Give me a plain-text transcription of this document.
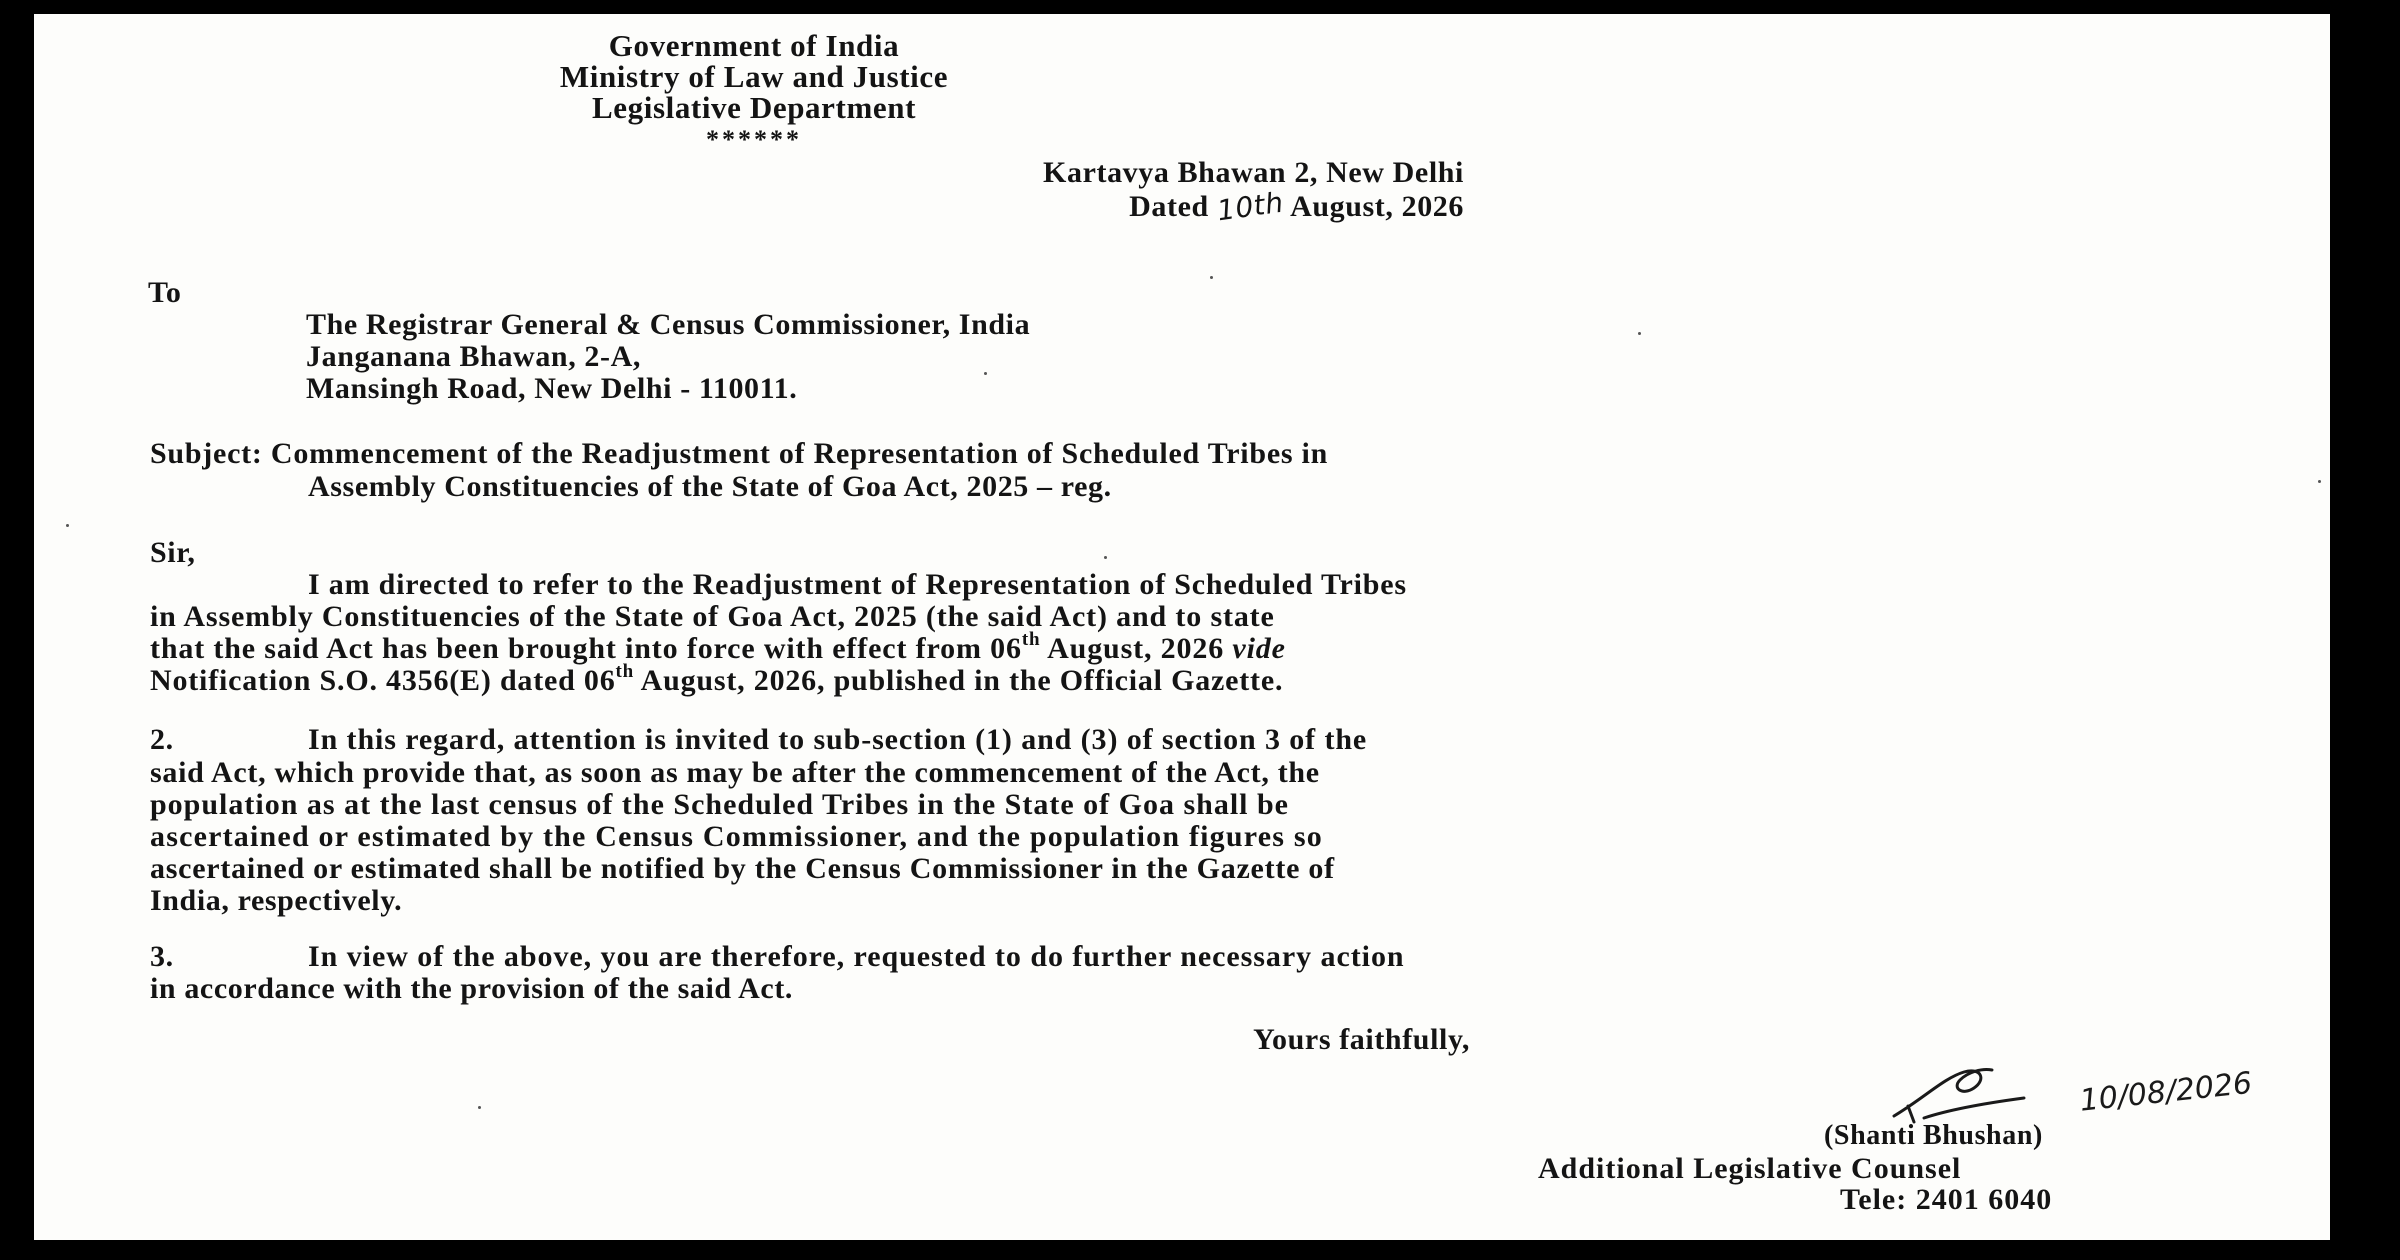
Government of India
Ministry of Law and Justice
Legislative Department
******
Kartavya Bhawan 2, New Delhi
Dated 10th August, 2026
To
The Registrar General & Census Commissioner, India
Janganana Bhawan, 2-A,
Mansingh Road, New Delhi - 110011.
Subject: Commencement of the Readjustment of Representation of Scheduled Tribes in
Assembly Constituencies of the State of Goa Act, 2025 – reg.
Sir,
I am directed to refer to the Readjustment of Representation of Scheduled Tribes
in Assembly Constituencies of the State of Goa Act, 2025 (the said Act) and to state
that the said Act has been brought into force with effect from 06th August, 2026 vide
Notification S.O. 4356(E) dated 06th August, 2026, published in the Official Gazette.
2.	In this regard, attention is invited to sub-section (1) and (3) of section 3 of the
said Act, which provide that, as soon as may be after the commencement of the Act, the
population as at the last census of the Scheduled Tribes in the State of Goa shall be
ascertained or estimated by the Census Commissioner, and the population figures so
ascertained or estimated shall be notified by the Census Commissioner in the Gazette of
India, respectively.
3.	In view of the above, you are therefore, requested to do further necessary action
in accordance with the provision of the said Act.
Yours faithfully,
10/08/2026
(Shanti Bhushan)
Additional Legislative Counsel
Tele: 2401 6040
